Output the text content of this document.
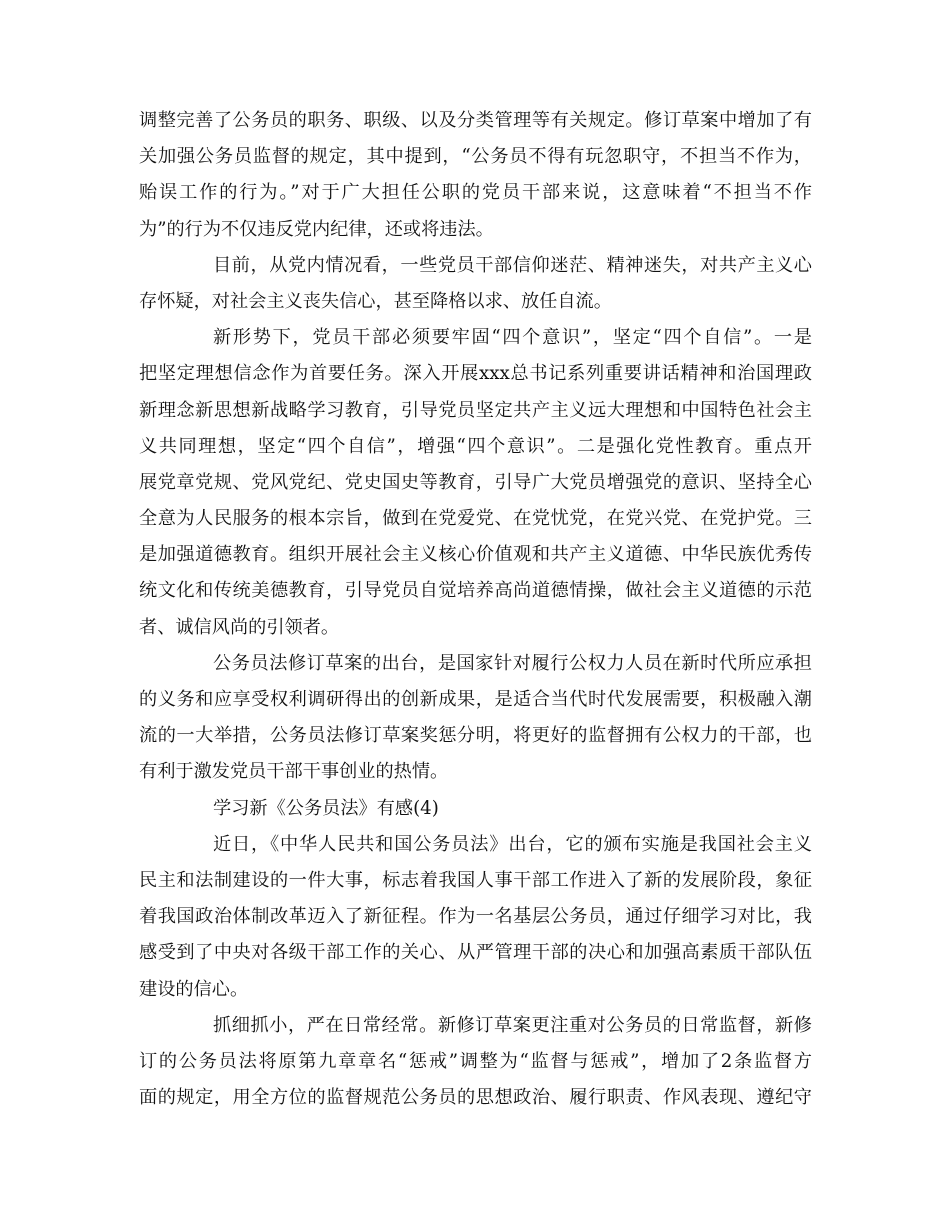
调整完善了公务员的职务、职级、以及分类管理等有关规定。修订草案中增加了有
关加强公务员监督的规定，其中提到，“公务员不得有玩忽职守，不担当不作为，
贻误工作的行为。”对于广大担任公职的党员干部来说，这意味着“不担当不作
为”的行为不仅违反党内纪律，还或将违法。
目前，从党内情况看，一些党员干部信仰迷茫、精神迷失，对共产主义心
存怀疑，对社会主义丧失信心，甚至降格以求、放任自流。
新形势下，党员干部必须要牢固“四个意识”，坚定“四个自信”。一是
把坚定理想信念作为首要任务。深入开展xxx总书记系列重要讲话精神和治国理政
新理念新思想新战略学习教育，引导党员坚定共产主义远大理想和中国特色社会主
义共同理想，坚定“四个自信”，增强“四个意识”。二是强化党性教育。重点开
展党章党规、党风党纪、党史国史等教育，引导广大党员增强党的意识、坚持全心
全意为人民服务的根本宗旨，做到在党爱党、在党忧党，在党兴党、在党护党。三
是加强道德教育。组织开展社会主义核心价值观和共产主义道德、中华民族优秀传
统文化和传统美德教育，引导党员自觉培养高尚道德情操，做社会主义道德的示范
者、诚信风尚的引领者。
公务员法修订草案的出台，是国家针对履行公权力人员在新时代所应承担
的义务和应享受权利调研得出的创新成果，是适合当代时代发展需要，积极融入潮
流的一大举措，公务员法修订草案奖惩分明，将更好的监督拥有公权力的干部，也
有利于激发党员干部干事创业的热情。
学习新《公务员法》有感(4)
近日，《中华人民共和国公务员法》出台，它的颁布实施是我国社会主义
民主和法制建设的一件大事，标志着我国人事干部工作进入了新的发展阶段，象征
着我国政治体制改革迈入了新征程。作为一名基层公务员，通过仔细学习对比，我
感受到了中央对各级干部工作的关心、从严管理干部的决心和加强高素质干部队伍
建设的信心。
抓细抓小，严在日常经常。新修订草案更注重对公务员的日常监督，新修
订的公务员法将原第九章章名“惩戒”调整为“监督与惩戒”，增加了2条监督方
面的规定，用全方位的监督规范公务员的思想政治、履行职责、作风表现、遵纪守
